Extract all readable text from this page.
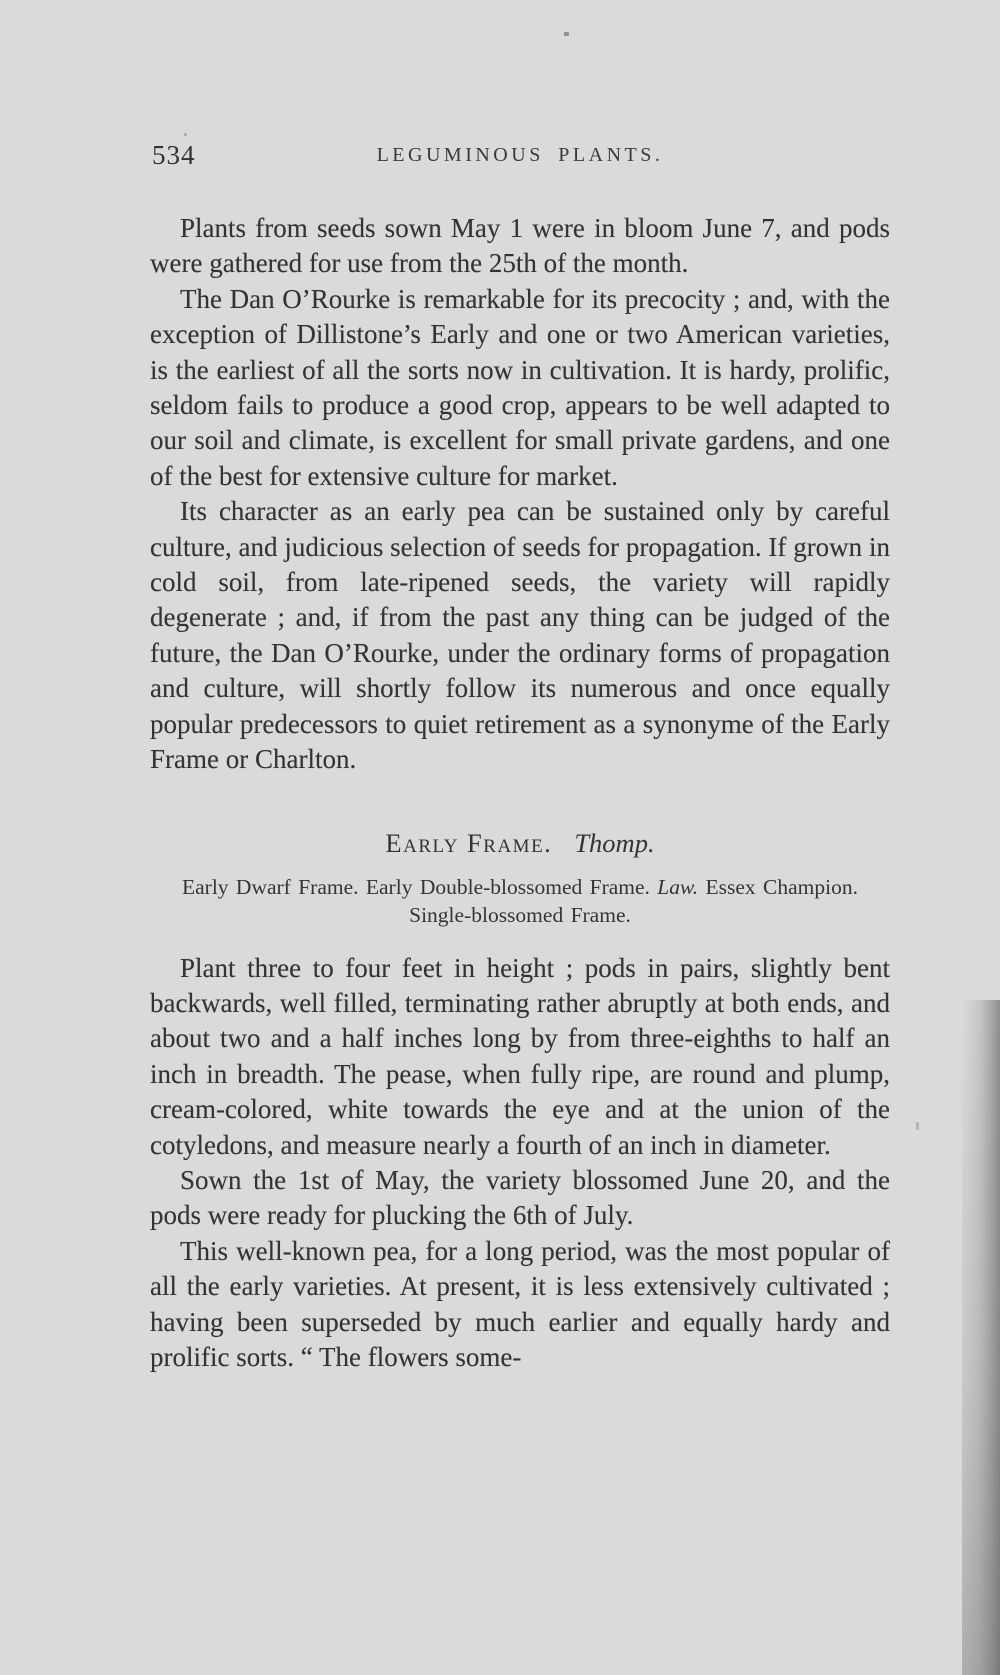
534	LEGUMINOUS PLANTS.

Plants from seeds sown May 1 were in bloom June 7, and pods were gathered for use from the 25th of the month.

The Dan O’Rourke is remarkable for its precocity ; and, with the exception of Dillistone’s Early and one or two American varieties, is the earliest of all the sorts now in cultivation. It is hardy, prolific, seldom fails to produce a good crop, appears to be well adapted to our soil and climate, is excellent for small private gardens, and one of the best for extensive culture for market.

Its character as an early pea can be sustained only by careful culture, and judicious selection of seeds for propagation. If grown in cold soil, from late-ripened seeds, the variety will rapidly degenerate ; and, if from the past any thing can be judged of the future, the Dan O’Rourke, under the ordinary forms of propagation and culture, will shortly follow its numerous and once equally popular predecessors to quiet retirement as a synonyme of the Early Frame or Charlton.

Early Frame. Thomp.
Early Dwarf Frame. Early Double-blossomed Frame. Law. Essex Champion. Single-blossomed Frame.

Plant three to four feet in height ; pods in pairs, slightly bent backwards, well filled, terminating rather abruptly at both ends, and about two and a half inches long by from three-eighths to half an inch in breadth. The pease, when fully ripe, are round and plump, cream-colored, white towards the eye and at the union of the cotyledons, and measure nearly a fourth of an inch in diameter.

Sown the 1st of May, the variety blossomed June 20, and the pods were ready for plucking the 6th of July.

This well-known pea, for a long period, was the most popular of all the early varieties. At present, it is less extensively cultivated ; having been superseded by much earlier and equally hardy and prolific sorts. “ The flowers some-
